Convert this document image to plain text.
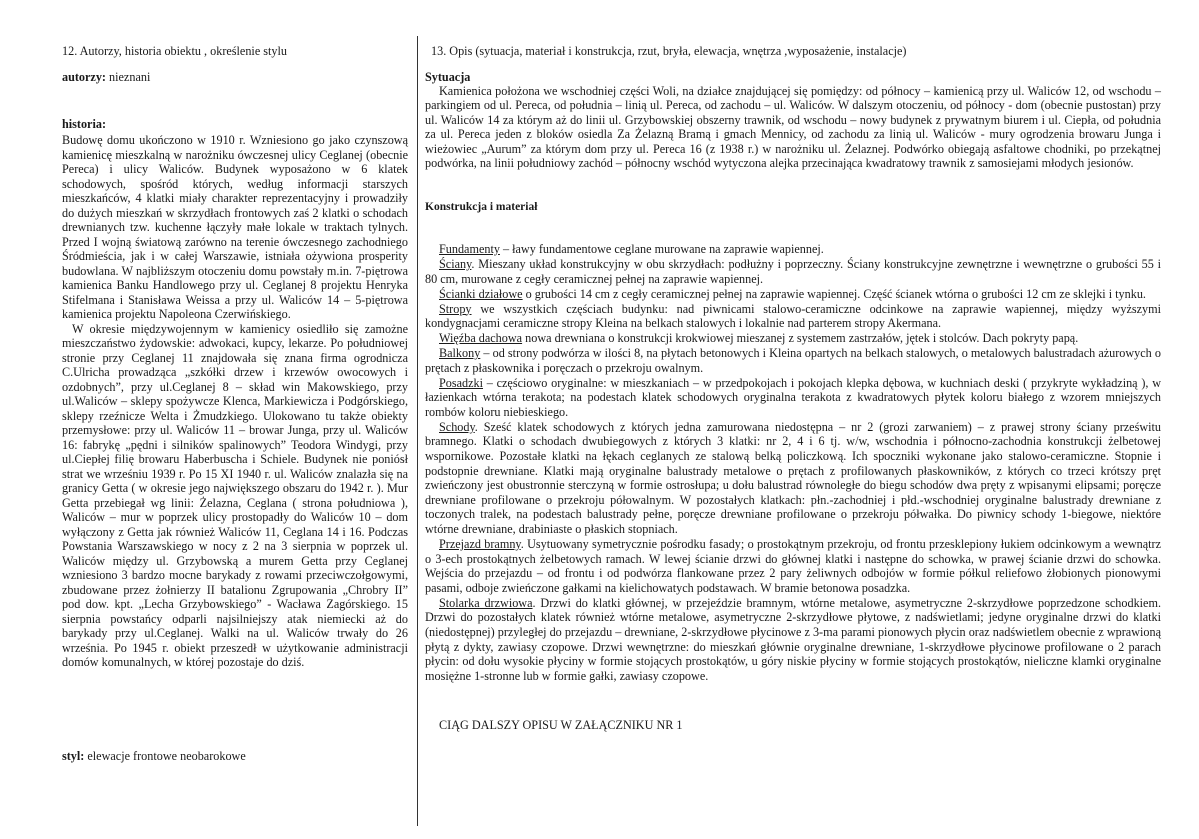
12. Autorzy, historia obiektu , określenie stylu
autorzy: nieznani
historia:

Budowę domu ukończono w 1910 r. Wzniesiono go jako czynszową kamienicę mieszkalną w narożniku ówczesnej ulicy Ceglanej (obecnie Pereca) i ulicy Waliców. Budynek wyposażono w 6 klatek schodowych, spośród których, według informacji starszych mieszkańców, 4 klatki miały charakter reprezentacyjny i prowadziły do dużych mieszkań w skrzydłach frontowych zaś 2 klatki o schodach drewnianych tzw. kuchenne łączyły małe lokale w traktach tylnych. Przed I wojną światową zarówno na terenie ówczesnego zachodniego Śródmieścia, jak i w całej Warszawie, istniała ożywiona prosperity budowlana. W najbliższym otoczeniu domu powstały m.in. 7-piętrowa kamienica Banku Handlowego przy ul. Ceglanej 8 projektu Henryka Stifelmana i Stanisława Weissa a przy ul. Waliców 14 – 5-piętrowa kamienica projektu Napoleona Czerwińskiego.

W okresie międzywojennym w kamienicy osiedliło się zamożne mieszczaństwo żydowskie: adwokaci, kupcy, lekarze. Po południowej stronie przy Ceglanej 11 znajdowała się znana firma ogrodnicza C.Ulricha prowadząca „szkółki drzew i krzewów owocowych i ozdobnych”, przy ul.Ceglanej 8 – skład win Makowskiego, przy ul.Waliców – sklepy spożywcze Klenca, Markiewicza i Podgórskiego, sklepy rzeźnicze Welta i Żmudzkiego. Ulokowano tu także obiekty przemysłowe: przy ul. Waliców 11 – browar Junga, przy ul. Waliców 16: fabrykę „pędni i silników spalinowych” Teodora Windygi, przy ul.Ciepłej filię browaru Haberbuscha i Schiele. Budynek nie poniósł strat we wrześniu 1939 r. Po 15 XI 1940 r. ul. Waliców znalazła się na granicy Getta ( w okresie jego największego obszaru do 1942 r. ). Mur Getta przebiegał wg linii: Żelazna, Ceglana ( strona południowa ), Waliców – mur w poprzek ulicy prostopadły do Waliców 10 – dom wyłączony z Getta jak również Waliców 11, Ceglana 14 i 16. Podczas Powstania Warszawskiego w nocy z 2 na 3 sierpnia w poprzek ul. Waliców między ul. Grzybowską a murem Getta przy Ceglanej wzniesiono 3 bardzo mocne barykady z rowami przeciwczołgowymi, zbudowane przez żołnierzy II batalionu Zgrupowania „Chrobry II” pod dow. kpt. „Lecha Grzybowskiego” - Wacława Zagórskiego. 15 sierpnia powstańcy odparli najsilniejszy atak niemiecki aż do barykady przy ul.Ceglanej. Walki na ul. Waliców trwały do 26 września. Po 1945 r. obiekt przeszedł w użytkowanie administracji domów komunalnych, w której pozostaje do dziś.

styl: elewacje frontowe neobarokowe
13. Opis (sytuacja, materiał i konstrukcja, rzut, bryła, elewacja, wnętrza ,wyposażenie, instalacje)
Sytuacja

Kamienica położona we wschodniej części Woli, na działce znajdującej się pomiędzy: od północy – kamienicą przy ul. Waliców 12, od wschodu – parkingiem od ul. Pereca, od południa – linią ul. Pereca, od zachodu – ul. Waliców. W dalszym otoczeniu, od północy - dom (obecnie pustostan) przy ul. Waliców 14 za którym aż do linii ul. Grzybowskiej obszerny trawnik, od wschodu – nowy budynek z prywatnym biurem i ul. Ciepła, od południa za ul. Pereca jeden z bloków osiedla Za Żelazną Bramą i gmach Mennicy, od zachodu za linią ul. Waliców - mury ogrodzenia browaru Junga i wieżowiec „Aurum” za którym dom przy ul. Pereca 16 (z 1938 r.) w narożniku ul. Żelaznej. Podwórko obiegają asfaltowe chodniki, po przekątnej podwórka, na linii południowy zachód – północny wschód wytyczona alejka przecinająca kwadratowy trawnik z samosiejami młodych jesionów.

Konstrukcja i materiał

Fundamenty – ławy fundamentowe ceglane murowane na zaprawie wapiennej.

Ściany. Mieszany układ konstrukcyjny w obu skrzydłach: podłużny i poprzeczny. Ściany konstrukcyjne zewnętrzne i wewnętrzne o grubości 55 i 80 cm, murowane z cegły ceramicznej pełnej na zaprawie wapiennej.

Ścianki działowe o grubości 14 cm z cegły ceramicznej pełnej na zaprawie wapiennej. Część ścianek wtórna o grubości 12 cm ze sklejki i tynku.

Stropy we wszystkich częściach budynku: nad piwnicami stalowo-ceramiczne odcinkowe na zaprawie wapiennej, między wyższymi kondygnacjami ceramiczne stropy Kleina na belkach stalowych i lokalnie nad parterem stropy Akermana.

Więźba dachowa nowa drewniana o konstrukcji krokwiowej mieszanej z systemem zastrzałów, jętek i stolców. Dach pokryty papą.

Balkony – od strony podwórza w ilości 8, na płytach betonowych i Kleina opartych na belkach stalowych, o metalowych balustradach ażurowych o prętach z płaskownika i poręczach o przekroju owalnym.

Posadzki – częściowo oryginalne: w mieszkaniach – w przedpokojach i pokojach klepka dębowa, w kuchniach deski ( przykryte wykładziną ), w łazienkach wtórna terakota; na podestach klatek schodowych oryginalna terakota z kwadratowych płytek koloru białego z wzorem mniejszych rombów koloru niebieskiego.

Schody. Sześć klatek schodowych z których jedna zamurowana niedostępna – nr 2 (grozi zarwaniem) – z prawej strony ściany prześwitu bramnego. Klatki o schodach dwubiegowych z których 3 klatki: nr 2, 4 i 6 tj. w/w, wschodnia i północno-zachodnia konstrukcji żelbetowej wspornikowe. Pozostałe klatki na łękach ceglanych ze stalową belką policzkową. Ich spoczniki wykonane jako stalowo-ceramiczne. Stopnie i podstopnie drewniane. Klatki mają oryginalne balustrady metalowe o prętach z profilowanych płaskowników, z których co trzeci krótszy pręt zwieńczony jest obustronnie sterczyną w formie ostrosłupa; u dołu balustrad równoległe do biegu schodów dwa pręty z wpisanymi elipsami; poręcze drewniane profilowane o przekroju półowalnym. W pozostałych klatkach: płn.-zachodniej i płd.-wschodniej oryginalne balustrady drewniane z toczonych tralek, na podestach balustrady pełne, poręcze drewniane profilowane o przekroju półwałka. Do piwnicy schody 1-biegowe, niektóre wtórne drewniane, drabiniaste o płaskich stopniach.

Przejazd bramny. Usytuowany symetrycznie pośrodku fasady; o prostokątnym przekroju, od frontu przesklepiony łukiem odcinkowym a wewnątrz o 3-ech prostokątnych żelbetowych ramach. W lewej ścianie drzwi do głównej klatki i następne do schowka, w prawej ścianie drzwi do schowka. Wejścia do przejazdu – od frontu i od podwórza flankowane przez 2 pary żeliwnych odbojów w formie półkul reliefowo żłobionych pionowymi pasami, odboje zwieńczone gałkami na kielichowatych podstawach. W bramie betonowa posadzka.

Stolarka drzwiowa. Drzwi do klatki głównej, w przejeździe bramnym, wtórne metalowe, asymetryczne 2-skrzydłowe poprzedzone schodkiem. Drzwi do pozostałych klatek również wtórne metalowe, asymetryczne 2-skrzydłowe płytowe, z nadświetlami; jedyne oryginalne drzwi do klatki (niedostępnej) przyległej do przejazdu – drewniane, 2-skrzydłowe płycinowe z 3-ma parami pionowych płycin oraz nadświetlem obecnie z wprawioną płytą z dykty, zawiasy czopowe. Drzwi wewnętrzne: do mieszkań głównie oryginalne drewniane, 1-skrzydłowe płycinowe profilowane o 2 parach płycin: od dołu wysokie płyciny w formie stojących prostokątów, u góry niskie płyciny w formie stojących prostokątów, nieliczne klamki oryginalne mosiężne 1-stronne lub w formie gałki, zawiasy czopowe.

CIĄG DALSZY OPISU W ZAŁĄCZNIKU NR 1
